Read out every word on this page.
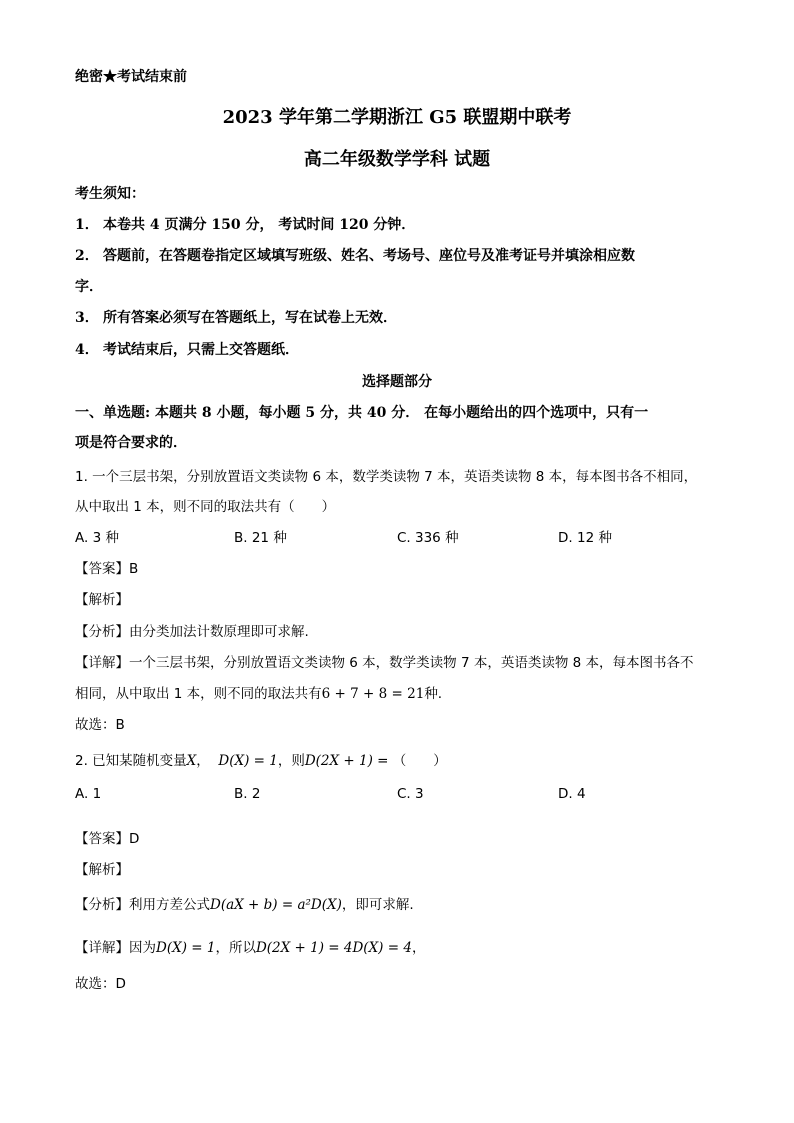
绝密★考试结束前
2023 学年第二学期浙江 G5 联盟期中联考
高二年级数学学科 试题
考生须知：
1． 本卷共 4 页满分 150 分， 考试时间 120 分钟．
2． 答题前，在答题卷指定区域填写班级、姓名、考场号、座位号及准考证号并填涂相应数
字．
3． 所有答案必须写在答题纸上，写在试卷上无效．
4． 考试结束后，只需上交答题纸．
选择题部分
一、单选题: 本题共 8 小题，每小题 5 分，共 40 分． 在每小题给出的四个选项中，只有一
项是符合要求的．
1. 一个三层书架，分别放置语文类读物 6 本，数学类读物 7 本，英语类读物 8 本，每本图书各不相同，
从中取出 1 本，则不同的取法共有（　　）
A. 3 种	B. 21 种	C. 336 种	D. 12 种
【答案】B
【解析】
【分析】由分类加法计数原理即可求解.
【详解】一个三层书架，分别放置语文类读物 6 本，数学类读物 7 本，英语类读物 8 本，每本图书各不
相同，从中取出 1 本，则不同的取法共有6 + 7 + 8 = 21种.
故选：B
2. 已知某随机变量X， D(X) = 1，则D(2X + 1) = （　　）
A. 1	B. 2	C. 3	D. 4
【答案】D
【解析】
【分析】利用方差公式D(aX + b) = a²D(X)，即可求解.
【详解】因为D(X) = 1，所以D(2X + 1) = 4D(X) = 4，
故选：D
